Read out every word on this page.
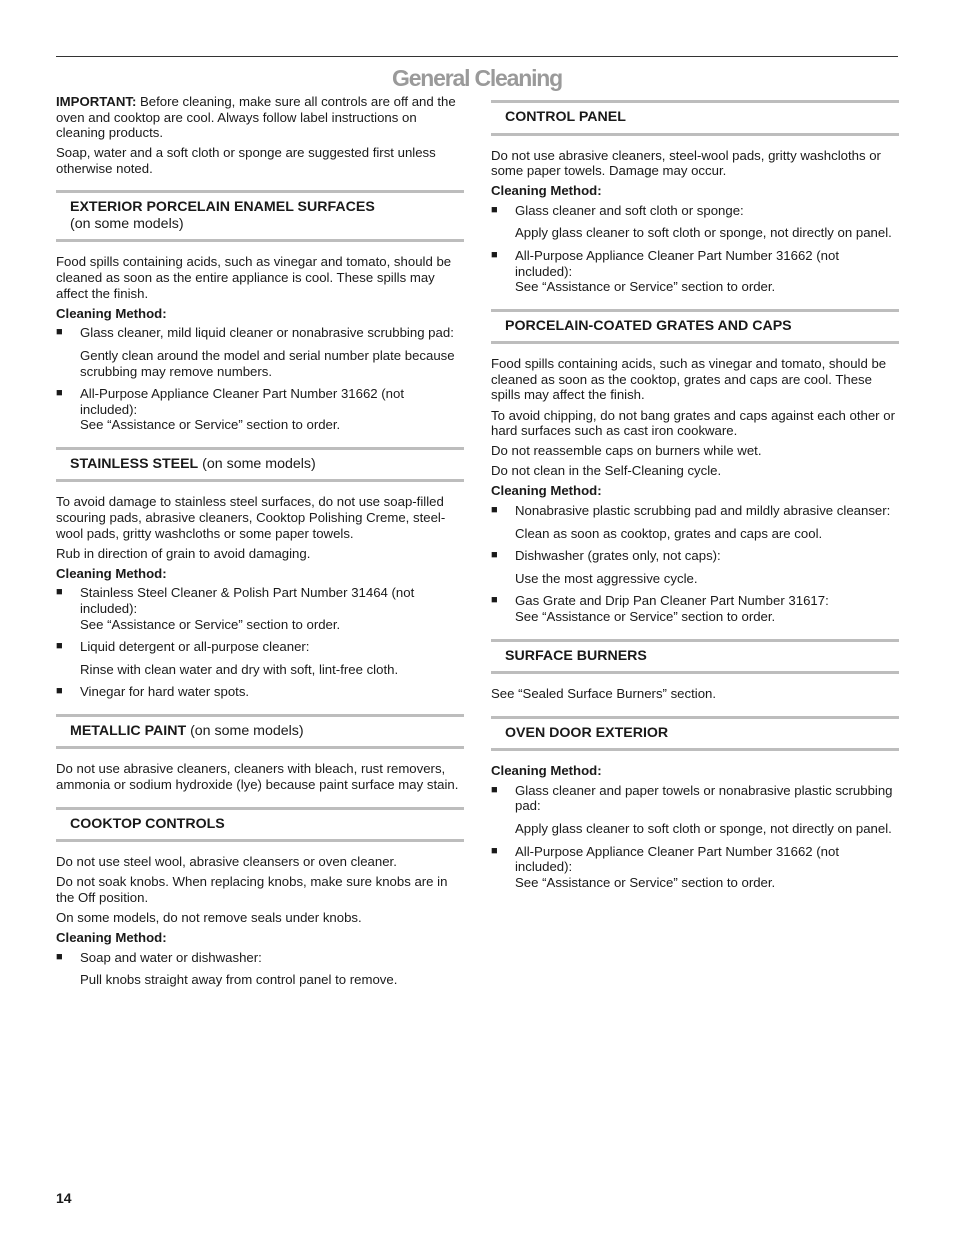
General Cleaning

IMPORTANT: Before cleaning, make sure all controls are off and the oven and cooktop are cool. Always follow label instructions on cleaning products.

Soap, water and a soft cloth or sponge are suggested first unless otherwise noted.

EXTERIOR PORCELAIN ENAMEL SURFACES
(on some models)

Food spills containing acids, such as vinegar and tomato, should be cleaned as soon as the entire appliance is cool. These spills may affect the finish.

Cleaning Method:

■ Glass cleaner, mild liquid cleaner or nonabrasive scrubbing pad:
Gently clean around the model and serial number plate because scrubbing may remove numbers.
■ All-Purpose Appliance Cleaner Part Number 31662 (not included):
See “Assistance or Service” section to order.
STAINLESS STEEL (on some models)

To avoid damage to stainless steel surfaces, do not use soap-filled scouring pads, abrasive cleaners, Cooktop Polishing Creme, steel-wool pads, gritty washcloths or some paper towels.

Rub in direction of grain to avoid damaging.

Cleaning Method:

■ Stainless Steel Cleaner & Polish Part Number 31464 (not included):
See “Assistance or Service” section to order.
■ Liquid detergent or all-purpose cleaner:
Rinse with clean water and dry with soft, lint-free cloth.
■ Vinegar for hard water spots.
METALLIC PAINT (on some models)

Do not use abrasive cleaners, cleaners with bleach, rust removers, ammonia or sodium hydroxide (lye) because paint surface may stain.

COOKTOP CONTROLS

Do not use steel wool, abrasive cleansers or oven cleaner.

Do not soak knobs. When replacing knobs, make sure knobs are in the Off position.

On some models, do not remove seals under knobs.

Cleaning Method:

■ Soap and water or dishwasher:
Pull knobs straight away from control panel to remove.
CONTROL PANEL

Do not use abrasive cleaners, steel-wool pads, gritty washcloths or some paper towels. Damage may occur.

Cleaning Method:

■ Glass cleaner and soft cloth or sponge:
Apply glass cleaner to soft cloth or sponge, not directly on panel.
■ All-Purpose Appliance Cleaner Part Number 31662 (not included):
See “Assistance or Service” section to order.
PORCELAIN-COATED GRATES AND CAPS

Food spills containing acids, such as vinegar and tomato, should be cleaned as soon as the cooktop, grates and caps are cool. These spills may affect the finish.

To avoid chipping, do not bang grates and caps against each other or hard surfaces such as cast iron cookware.

Do not reassemble caps on burners while wet.

Do not clean in the Self-Cleaning cycle.

Cleaning Method:

■ Nonabrasive plastic scrubbing pad and mildly abrasive cleanser:
Clean as soon as cooktop, grates and caps are cool.
■ Dishwasher (grates only, not caps):
Use the most aggressive cycle.
■ Gas Grate and Drip Pan Cleaner Part Number 31617:
See “Assistance or Service” section to order.
SURFACE BURNERS

See “Sealed Surface Burners” section.

OVEN DOOR EXTERIOR

Cleaning Method:

■ Glass cleaner and paper towels or nonabrasive plastic scrubbing pad:
Apply glass cleaner to soft cloth or sponge, not directly on panel.
■ All-Purpose Appliance Cleaner Part Number 31662 (not included):
See “Assistance or Service” section to order.
14
